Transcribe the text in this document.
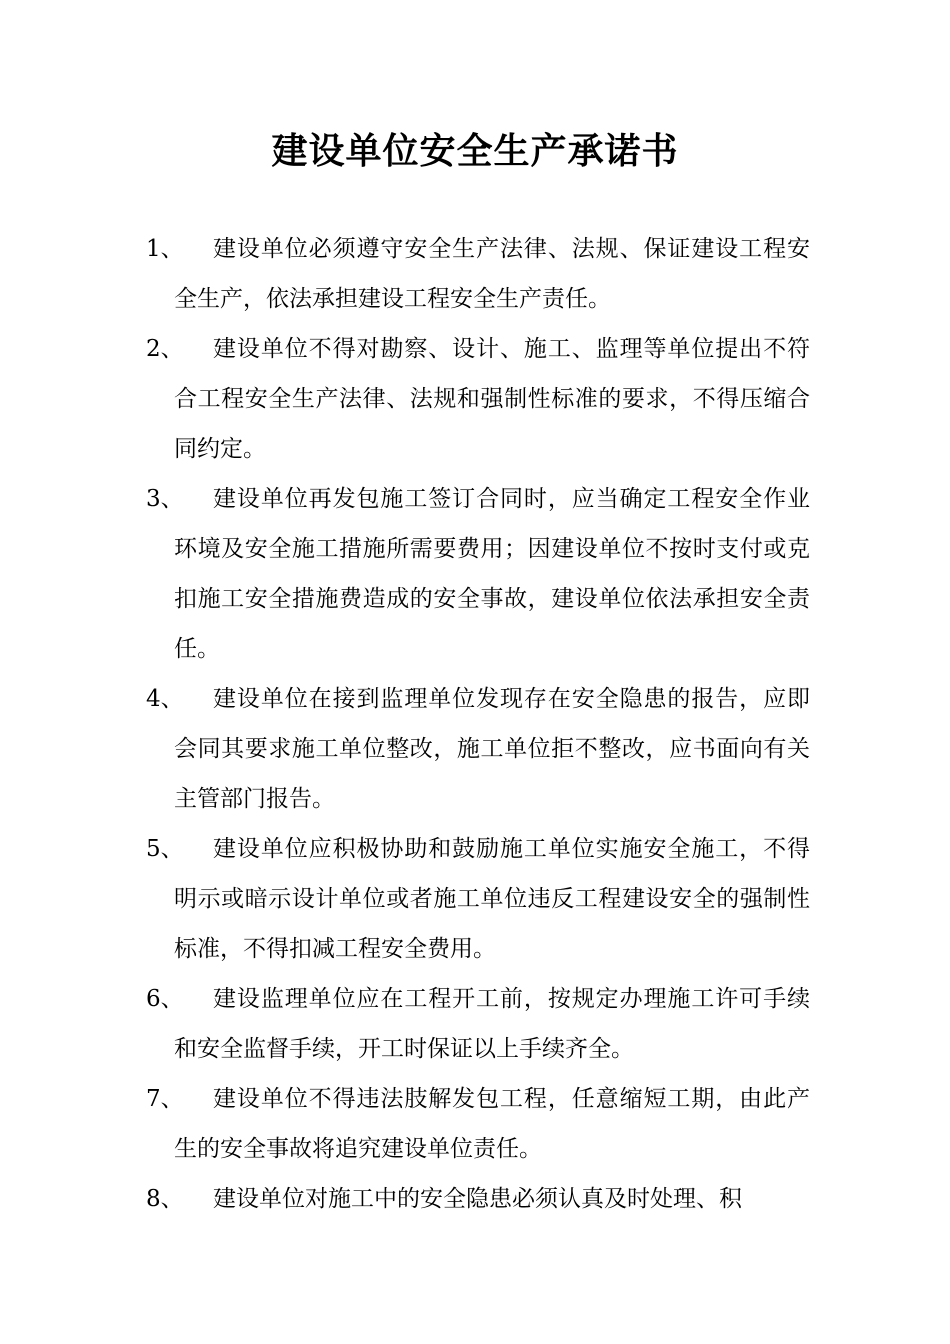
建设单位安全生产承诺书
1、	建设单位必须遵守安全生产法律、法规、保证建设工程安全生产，依法承担建设工程安全生产责任。
2、	建设单位不得对勘察、设计、施工、监理等单位提出不符合工程安全生产法律、法规和强制性标准的要求，不得压缩合同约定。
3、	建设单位再发包施工签订合同时，应当确定工程安全作业环境及安全施工措施所需要费用；因建设单位不按时支付或克扣施工安全措施费造成的安全事故，建设单位依法承担安全责任。
4、	建设单位在接到监理单位发现存在安全隐患的报告，应即会同其要求施工单位整改，施工单位拒不整改，应书面向有关主管部门报告。
5、	建设单位应积极协助和鼓励施工单位实施安全施工，不得明示或暗示设计单位或者施工单位违反工程建设安全的强制性标准，不得扣减工程安全费用。
6、	建设监理单位应在工程开工前，按规定办理施工许可手续和安全监督手续，开工时保证以上手续齐全。
7、	建设单位不得违法肢解发包工程，任意缩短工期，由此产生的安全事故将追究建设单位责任。
8、	建设单位对施工中的安全隐患必须认真及时处理、积
